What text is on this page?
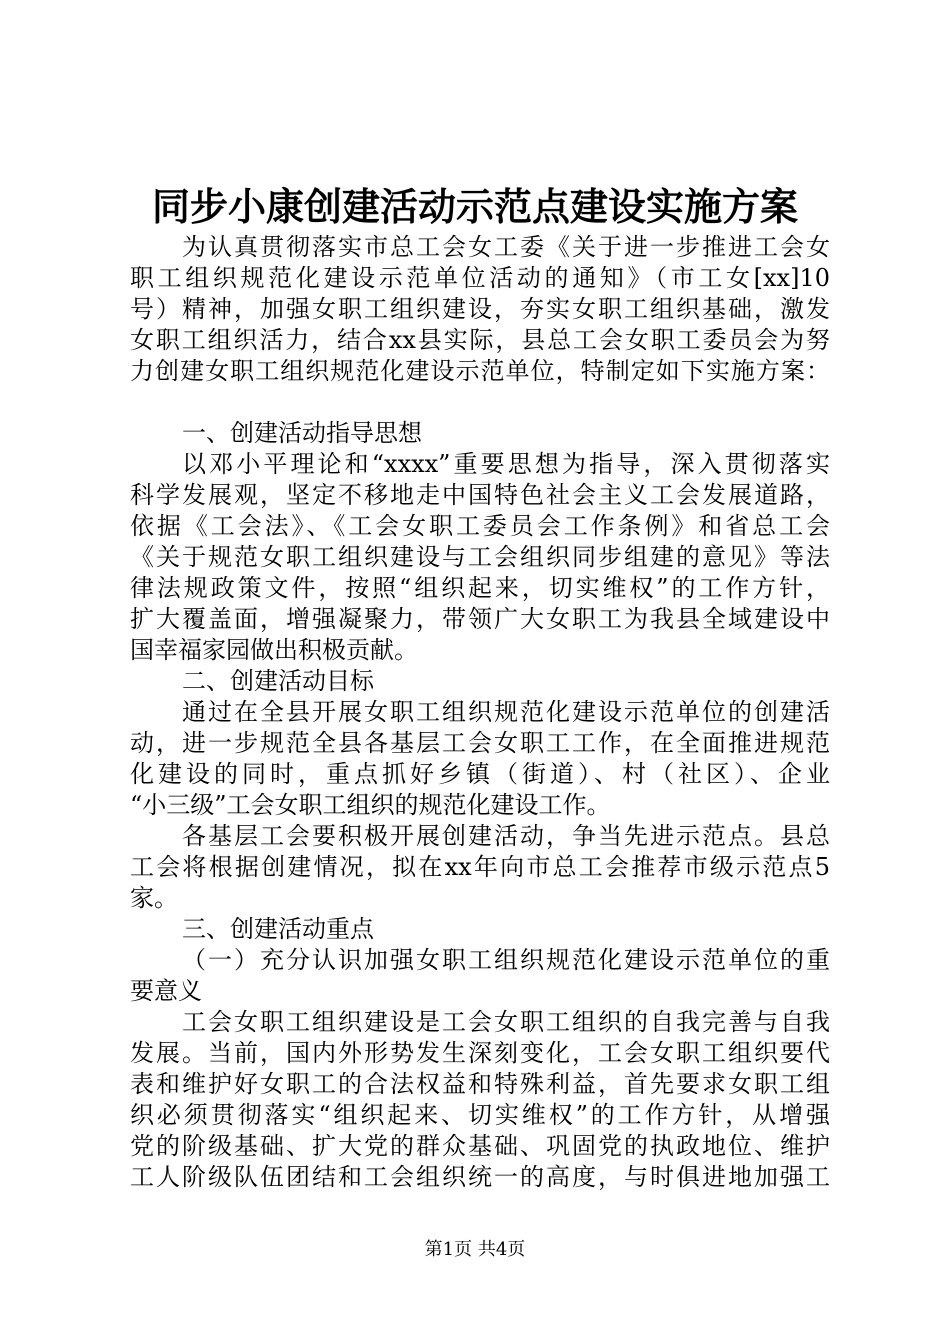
同步小康创建活动示范点建设实施方案
为认真贯彻落实市总工会女工委《关于进一步推进工会女
职工组织规范化建设示范单位活动的通知》（市工女[xx]10
号）精神，加强女职工组织建设，夯实女职工组织基础，激发
女职工组织活力，结合xx县实际，县总工会女职工委员会为努
力创建女职工组织规范化建设示范单位，特制定如下实施方案：
一、创建活动指导思想
以邓小平理论和“xxxx”重要思想为指导，深入贯彻落实
科学发展观，坚定不移地走中国特色社会主义工会发展道路，
依据《工会法》、《工会女职工委员会工作条例》和省总工会
《关于规范女职工组织建设与工会组织同步组建的意见》等法
律法规政策文件，按照“组织起来，切实维权”的工作方针，
扩大覆盖面，增强凝聚力，带领广大女职工为我县全域建设中
国幸福家园做出积极贡献。
二、创建活动目标
通过在全县开展女职工组织规范化建设示范单位的创建活
动，进一步规范全县各基层工会女职工工作，在全面推进规范
化建设的同时，重点抓好乡镇（街道）、村（社区）、企业
“小三级”工会女职工组织的规范化建设工作。
各基层工会要积极开展创建活动，争当先进示范点。县总
工会将根据创建情况，拟在xx年向市总工会推荐市级示范点5
家。
三、创建活动重点
（一）充分认识加强女职工组织规范化建设示范单位的重
要意义
工会女职工组织建设是工会女职工组织的自我完善与自我
发展。当前，国内外形势发生深刻变化，工会女职工组织要代
表和维护好女职工的合法权益和特殊利益，首先要求女职工组
织必须贯彻落实“组织起来、切实维权”的工作方针，从增强
党的阶级基础、扩大党的群众基础、巩固党的执政地位、维护
工人阶级队伍团结和工会组织统一的高度，与时俱进地加强工
第1页 共4页
